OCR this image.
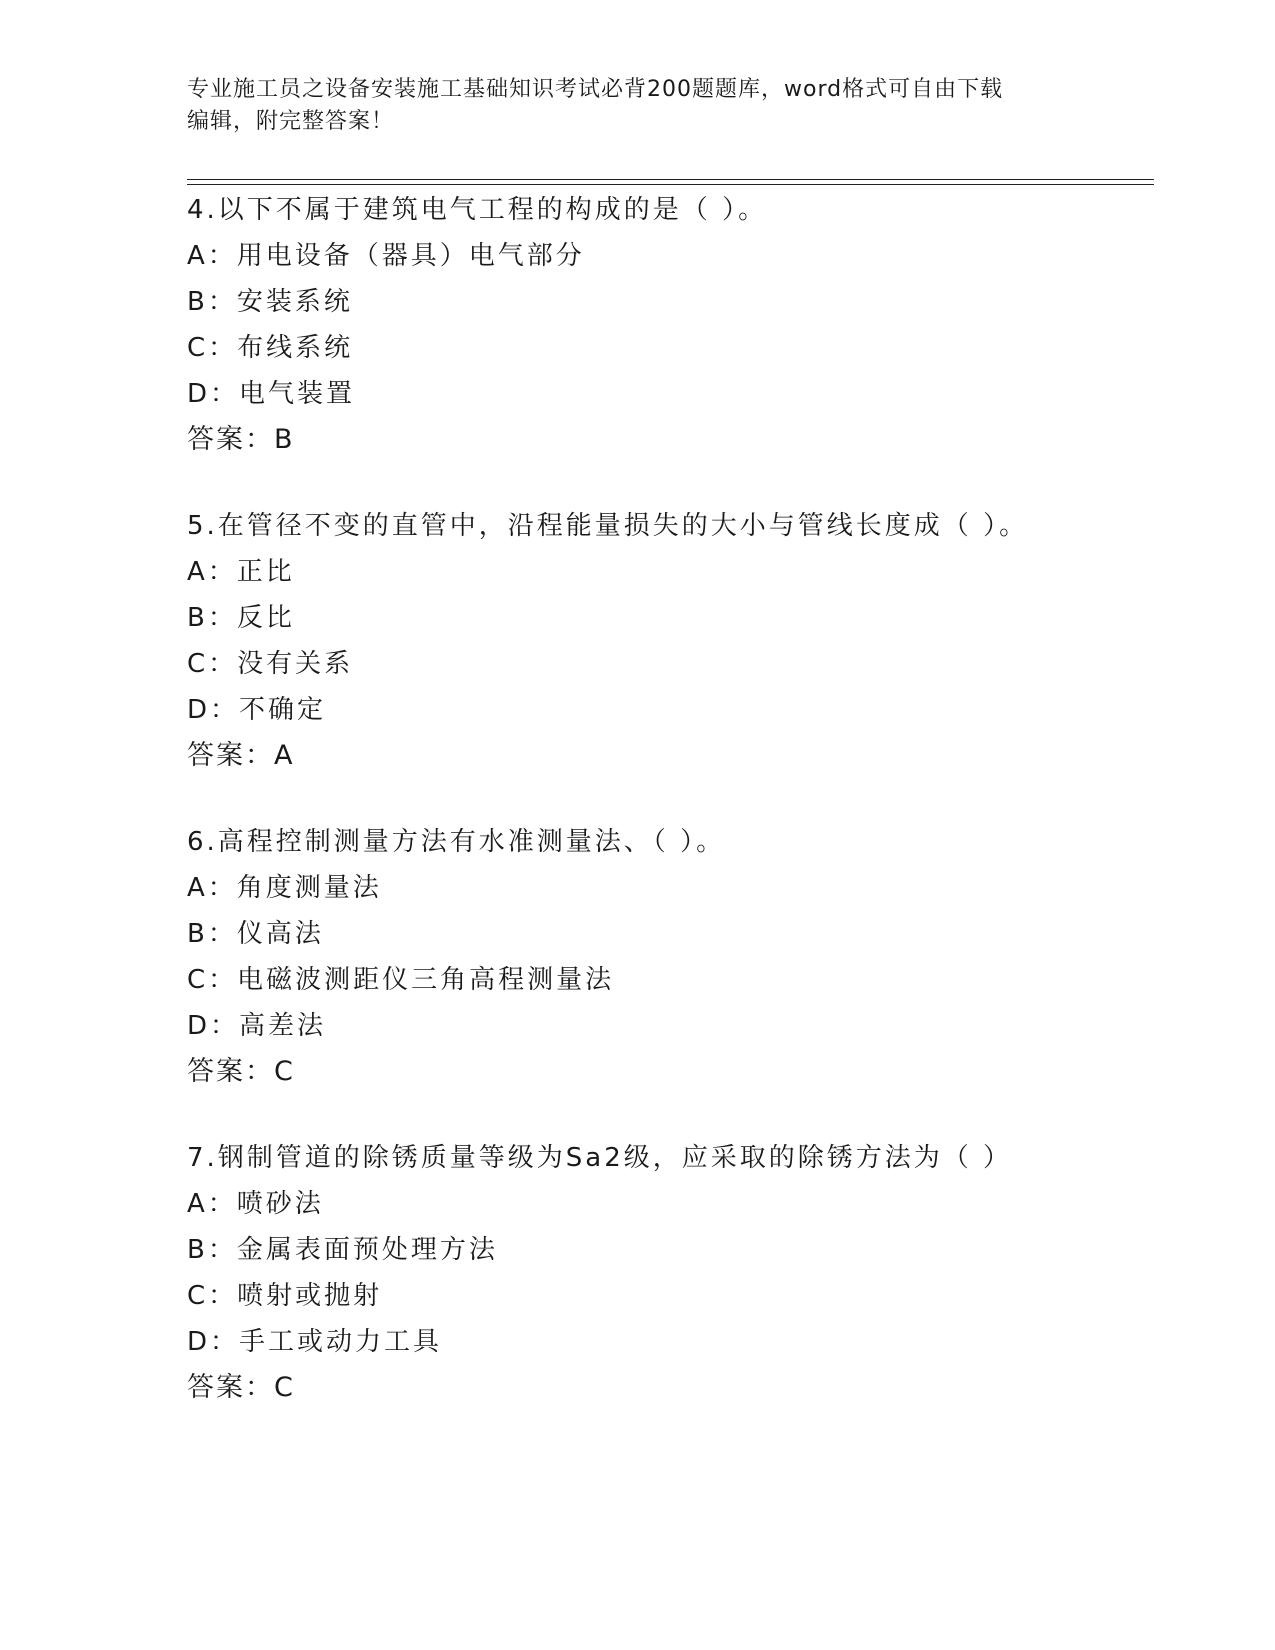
专业施工员之设备安装施工基础知识考试必背200题题库，word格式可自由下载
编辑，附完整答案！
4.以下不属于建筑电气工程的构成的是（ ）。
A：用电设备（器具）电气部分
B：安装系统
C：布线系统
D：电气装置
答案：B
5.在管径不变的直管中，沿程能量损失的大小与管线长度成（ ）。
A：正比
B：反比
C：没有关系
D：不确定
答案：A
6.高程控制测量方法有水准测量法、（ ）。
A：角度测量法
B：仪高法
C：电磁波测距仪三角高程测量法
D：高差法
答案：C
7.钢制管道的除锈质量等级为Sa2级，应采取的除锈方法为（ ）
A：喷砂法
B：金属表面预处理方法
C：喷射或抛射
D：手工或动力工具
答案：C
